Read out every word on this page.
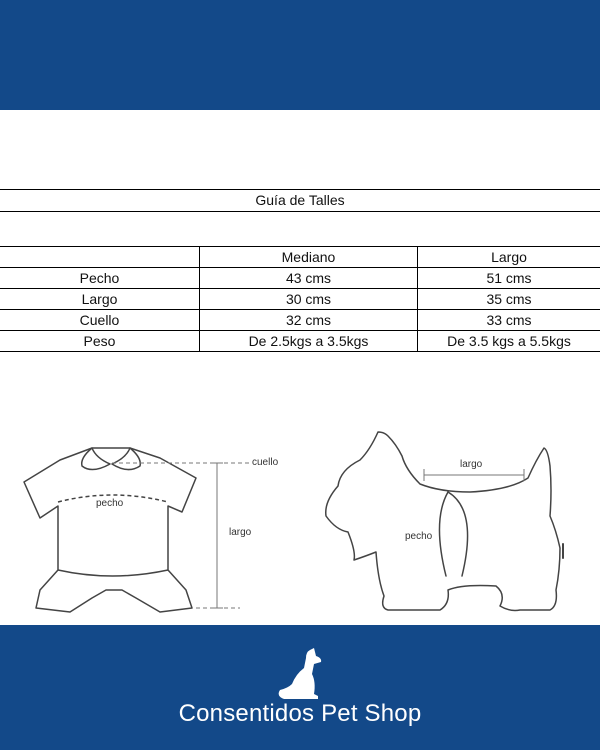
Guía de Talles
	Mediano	Largo
Pecho	43 cms	51 cms
Largo	30 cms	35 cms
Cuello	32 cms	33 cms
Peso	De 2.5kgs a 3.5kgs	De 3.5 kgs a 5.5kgs
cuello
pecho
largo
largo
pecho
Consentidos Pet Shop
